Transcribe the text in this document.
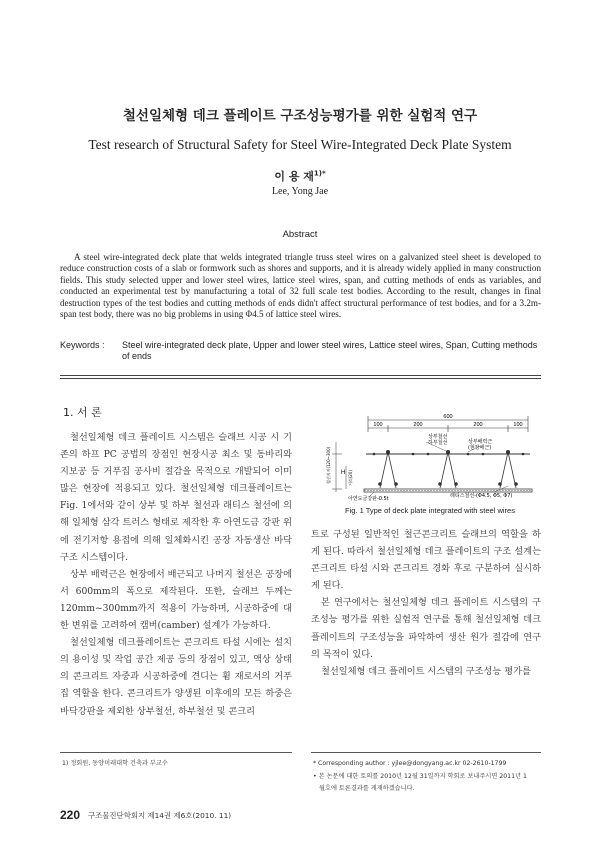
철선일체형 데크 플레이트 구조성능평가를 위한 실험적 연구
Test research of Structural Safety for Steel Wire-Integrated Deck Plate System
이 용 재$^{1)*}$
Lee, Yong Jae
Abstract
A steel wire-integrated deck plate that welds integrated triangle truss steel wires on a galvanized steel sheet is developed to reduce construction costs of a slab or formwork such as shores and supports, and it is already widely applied in many construction fields. This study selected upper and lower steel wires, lattice steel wires, span, and cutting methods of ends as variables, and conducted an experimental test by manufacturing a total of 32 full scale test bodies. According to the result, changes in final destruction types of the test bodies and cutting methods of ends didn't affect structural performance of test bodies, and for a 3.2m-span test body, there was no big problems in using Φ4.5 of lattice steel wires.
Keywords : Steel wire-integrated deck plate, Upper and lower steel wires, Lattice steel wires, Span, Cutting methods of ends
1. 서 론

철선일체형 데크 플레이트 시스템은 슬래브 시공 시 기존의 하프 PC 공법의 장점인 현장시공 최소 및 동바리와 지보공 등 거푸집 공사비 절감을 목적으로 개발되어 이미 많은 현장에 적용되고 있다. 철선일체형 데크플레이트는 Fig. 1에서와 같이 상부 및 하부 철선과 래티스 철선에 의해 일체형 삼각 트러스 형태로 제작한 후 아연도금 강판 위에 전기저항 용접에 의해 일체화시킨 공장 자동생산 바닥구조 시스템이다.

상부 배력근은 현장에서 배근되고 나머지 철선은 공장에서 600mm의 폭으로 제작된다. 또한, 슬래브 두께는 120mm~300mm까지 적용이 가능하며, 시공하중에 대한 변위를 고려하여 캠버(camber) 설계가 가능하다.

철선일체형 데크플레이트는 콘크리트 타설 시에는 설치의 용이성 및 작업 공간 제공 등의 장점이 있고, 액상 상태의 콘크리트 자중과 시공하중에 견디는 휨 재로서의 거푸집 역할을 한다. 콘크리트가 양생된 이후에의 모든 하중은 바닥강판을 제외한 상부철선, 하부철선 및 콘크리

600
100	200	200	100
H
철선지지(120~300)	거리(20)
상부철선
하부철선	상부배력근
(현장배근)
래티스철선-(Φ4.5, Φ5, Φ7)
아연도금강판-0.5t
Fig. 1 Type of deck plate integrated with steel wires

트로 구성된 일반적인 철근콘크리트 슬래브의 역할을 하게 된다. 따라서 철선일체형 데크 플레이트의 구조 설계는 콘크리트 타설 시와 콘크리트 경화 후로 구분하여 실시하게 된다.

본 연구에서는 철선일체형 데크 플레이트 시스템의 구조성능 평가를 위한 실험적 연구를 통해 철선일체형 데크 플레이트의 구조성능을 파악하여 생산 원가 절감에 연구의 목적이 있다.

철선일체형 데크 플레이트 시스템의 구조성능 평가를

1) 정회원, 동양미래대학 건축과 부교수	* Corresponding author : yjlee@dongyang.ac.kr 02-2610-1799
• 본 논문에 대한 토의를 2010년 12월 31일까지 학회로 보내주시면 2011년 1
월호에 토론결과를 게재하겠습니다.
220 구조물진단학회지 제14권 제6호(2010. 11)
